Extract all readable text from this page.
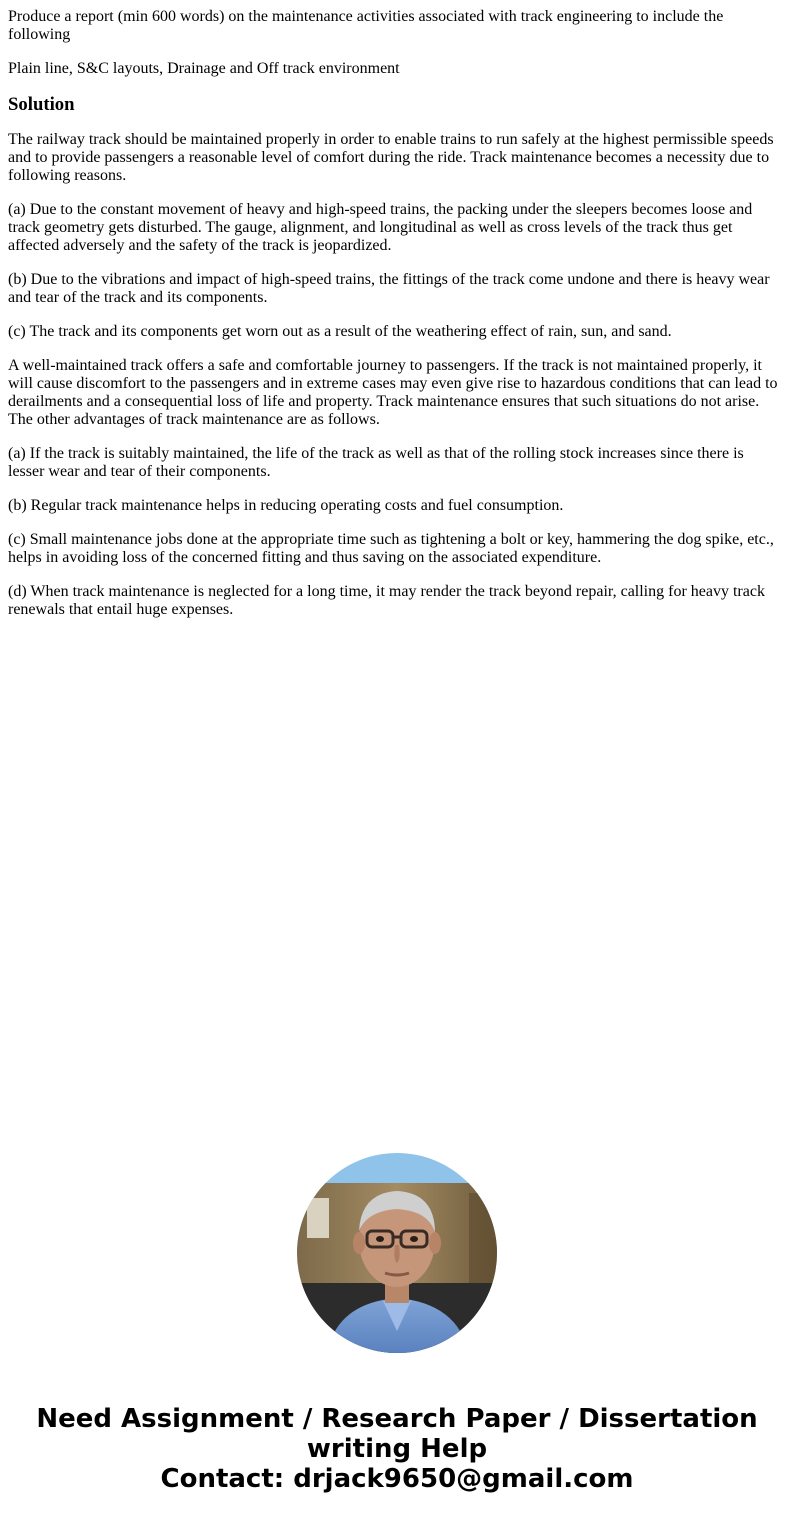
Produce a report (min 600 words) on the maintenance activities associated with track engineering to include the following

Plain line, S&C layouts, Drainage and Off track environment

Solution

The railway track should be maintained properly in order to enable trains to run safely at the highest permissible speeds and to provide passengers a reasonable level of comfort during the ride. Track maintenance becomes a necessity due to following reasons.

(a) Due to the constant movement of heavy and high-speed trains, the packing under the sleepers becomes loose and track geometry gets disturbed. The gauge, alignment, and longitudinal as well as cross levels of the track thus get affected adversely and the safety of the track is jeopardized.

(b) Due to the vibrations and impact of high-speed trains, the fittings of the track come undone and there is heavy wear and tear of the track and its components.

(c) The track and its components get worn out as a result of the weathering effect of rain, sun, and sand.

A well-maintained track offers a safe and comfortable journey to passengers. If the track is not maintained properly, it will cause discomfort to the passengers and in extreme cases may even give rise to hazardous conditions that can lead to derailments and a consequential loss of life and property. Track maintenance ensures that such situations do not arise. The other advantages of track maintenance are as follows.

(a) If the track is suitably maintained, the life of the track as well as that of the rolling stock increases since there is lesser wear and tear of their components.

(b) Regular track maintenance helps in reducing operating costs and fuel consumption.

(c) Small maintenance jobs done at the appropriate time such as tightening a bolt or key, hammering the dog spike, etc., helps in avoiding loss of the concerned fitting and thus saving on the associated expenditure.

(d) When track maintenance is neglected for a long time, it may render the track beyond repair, calling for heavy track renewals that entail huge expenses.

Need Assignment / Research Paper / Dissertation
writing Help
Contact: drjack9650@gmail.com
